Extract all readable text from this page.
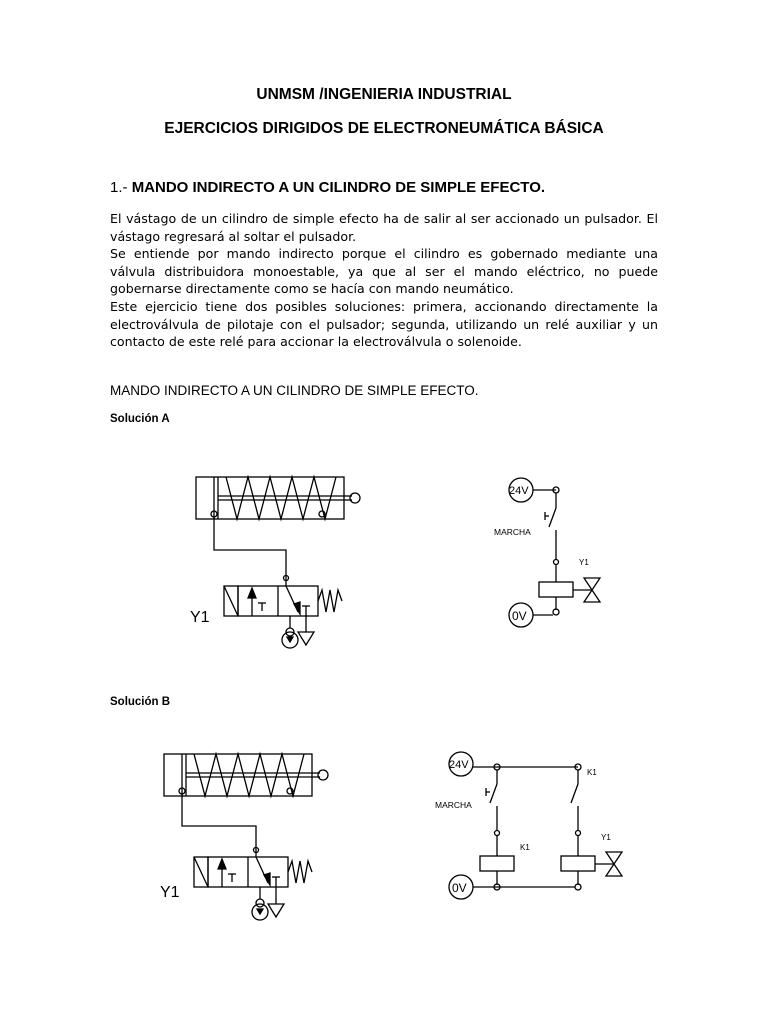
UNMSM /INGENIERIA INDUSTRIAL
EJERCICIOS DIRIGIDOS DE ELECTRONEUMÁTICA BÁSICA
1.- MANDO INDIRECTO A UN CILINDRO DE SIMPLE EFECTO.

El vástago de un cilindro de simple efecto ha de salir al ser accionado un pulsador. El vástago regresará al soltar el pulsador.

Se entiende por mando indirecto porque el cilindro es gobernado mediante una válvula distribuidora monoestable, ya que al ser el mando eléctrico, no puede gobernarse directamente como se hacía con mando neumático.

Este ejercicio tiene dos posibles soluciones: primera, accionando directamente la electroválvula de pilotaje con el pulsador; segunda, utilizando un relé auxiliar y un contacto de este relé para accionar la electroválvula o solenoide.

MANDO INDIRECTO A UN CILINDRO DE SIMPLE EFECTO.
Solución A
Solución B
Y1
24V
MARCHA
Y1
0V
Y1
24V
K1
MARCHA
K1
Y1
0V
